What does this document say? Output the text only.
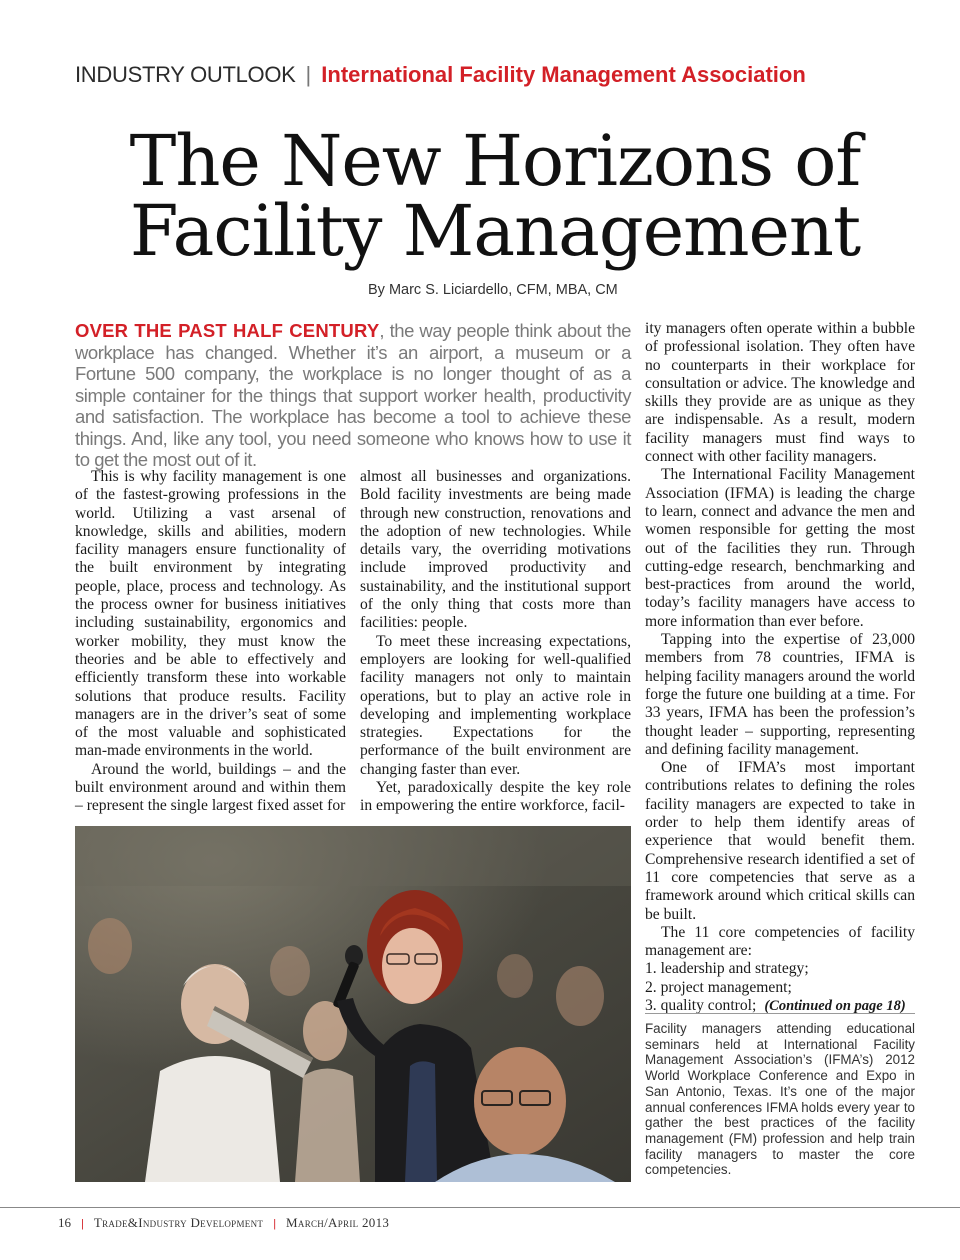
INDUSTRY OUTLOOK | International Facility Management Association
The New Horizons of
Facility Management
By Marc S. Liciardello, CFM, MBA, CM

OVER THE PAST HALF CENTURY, the way people think about the workplace has changed. Whether it’s an airport, a museum or a Fortune 500 company, the workplace is no longer thought of as a simple container for the things that support worker health, productivity and satisfaction. The workplace has become a tool to achieve these things. And, like any tool, you need someone who knows how to use it to get the most out of it.

This is why facility management is one of the fastest-growing professions in the world. Utilizing a vast arsenal of knowledge, skills and abilities, modern facility managers ensure functionality of the built environment by integrating people, place, process and technology. As the process owner for business initiatives including sustainability, ergonomics and worker mobility, they must know the theories and be able to effectively and efficiently transform these into workable solutions that produce results. Facility managers are in the driver’s seat of some of the most valuable and sophisticated man-made environments in the world.

Around the world, buildings – and the built environment around and within them – represent the single largest fixed asset for

almost all businesses and organizations. Bold facility investments are being made through new construction, renovations and the adoption of new technologies. While details vary, the overriding motivations include improved productivity and sustainability, and the institutional support of the only thing that costs more than facilities: people.

To meet these increasing expectations, employers are looking for well-qualified facility managers not only to maintain operations, but to play an active role in developing and implementing workplace strategies. Expectations for the performance of the built environment are changing faster than ever.

Yet, paradoxically despite the key role in empowering the entire workforce, facil-

ity managers often operate within a bubble of professional isolation. They often have no counterparts in their workplace for consultation or advice. The knowledge and skills they provide are as unique as they are indispensable. As a result, modern facility managers must find ways to connect with other facility managers.

The International Facility Management Association (IFMA) is leading the charge to learn, connect and advance the men and women responsible for getting the most out of the facilities they run. Through cutting-edge research, benchmarking and best-practices from around the world, today’s facility managers have access to more information than ever before.

Tapping into the expertise of 23,000 members from 78 countries, IFMA is helping facility managers around the world forge the future one building at a time. For 33 years, IFMA has been the profession’s thought leader – supporting, representing and defining facility management.

One of IFMA’s most important contributions relates to defining the roles facility managers are expected to take in order to help them identify areas of experience that would benefit them. Comprehensive research identified a set of 11 core competencies that serve as a framework around which critical skills can be built.

The 11 core competencies of facility management are:

1. leadership and strategy;

2. project management;

3. quality control; (Continued on page 18)

Facility managers attending educational seminars held at International Facility Management Association’s (IFMA’s) 2012 World Workplace Conference and Expo in San Antonio, Texas. It’s one of the major annual conferences IFMA holds every year to gather the best practices of the facility management (FM) profession and help train facility managers to master the core competencies.

16 | Trade&Industry Development | March/April 2013
